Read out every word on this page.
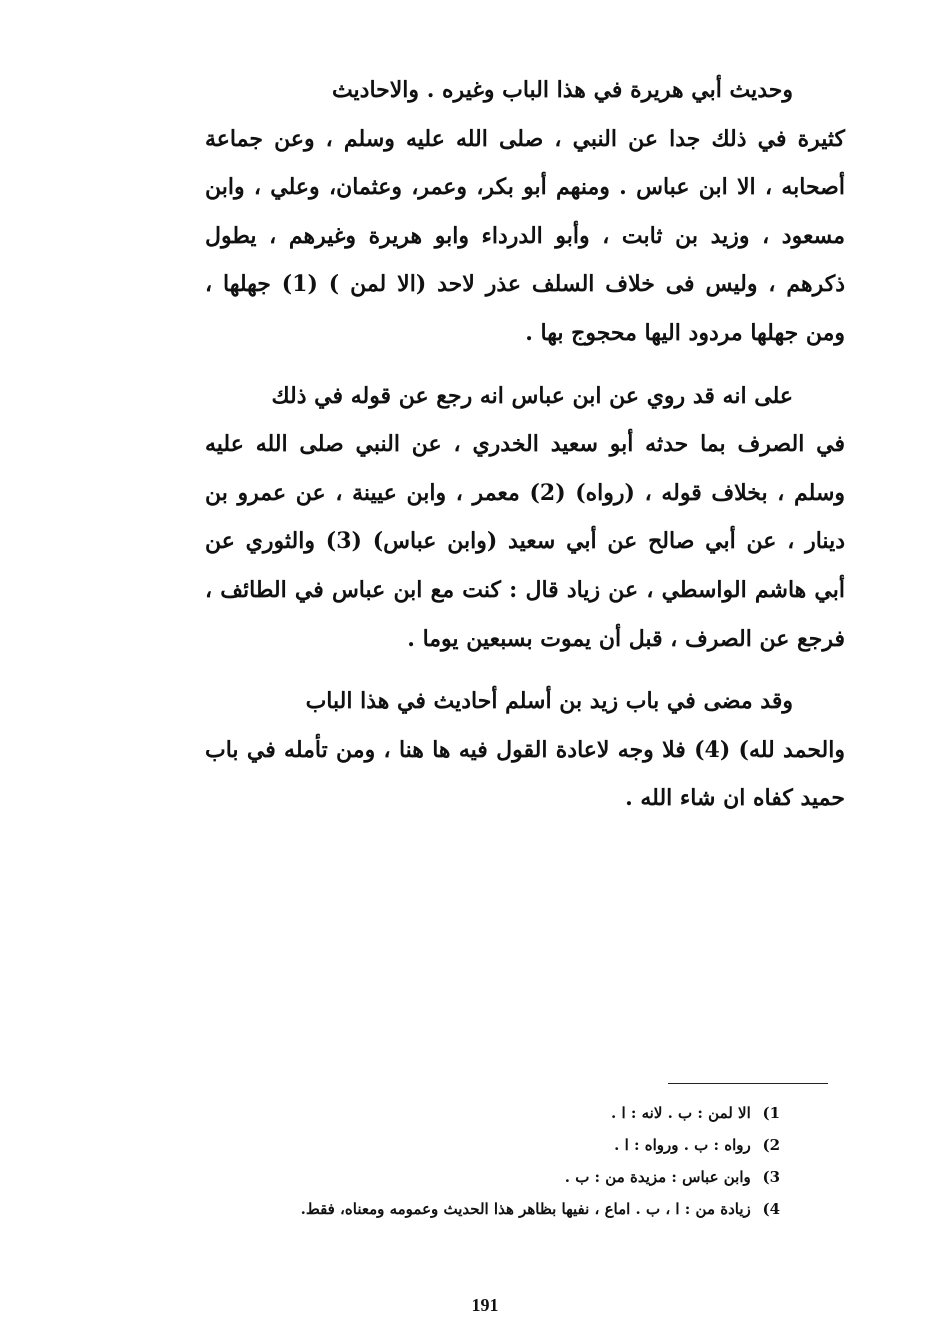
وحديث أبي هريرة في هذا الباب وغيره . والاحاديث
كثيرة في ذلك جدا عن النبي ، صلى الله عليه وسلم ، وعن جماعة أصحابه ، الا ابن عباس . ومنهم أبو بكر، وعمر، وعثمان، وعلي ، وابن مسعود ، وزيد بن ثابت ، وأبو الدرداء وابو هريرة وغيرهم ، يطول ذكرهم ، وليس فى خلاف السلف عذر لاحد (الا لمن ) (1) جهلها ، ومن جهلها مردود اليها محجوج بها .

على انه قد روي عن ابن عباس انه رجع عن قوله في ذلك
في الصرف بما حدثه أبو سعيد الخدري ، عن النبي صلى الله عليه وسلم ، بخلاف قوله ، (رواه) (2) معمر ، وابن عيينة ، عن عمرو بن دينار ، عن أبي صالح عن أبي سعيد (وابن عباس) (3) والثوري عن أبي هاشم الواسطي ، عن زياد قال : كنت مع ابن عباس في الطائف ، فرجع عن الصرف ، قبل أن يموت بسبعين يوما .

وقد مضى في باب زيد بن أسلم أحاديث في هذا الباب
والحمد لله) (4) فلا وجه لاعادة القول فيه ها هنا ، ومن تأمله في باب حميد كفاه ان شاء الله .

1) الا لمن : ب . لانه : ا .
2) رواه : ب . ورواه : ا .
3) وابن عباس : مزيدة من : ب .
4) زيادة من : ا ، ب . اماع ، نفيها بظاهر هذا الحديث وعمومه ومعناه، فقط.
191
